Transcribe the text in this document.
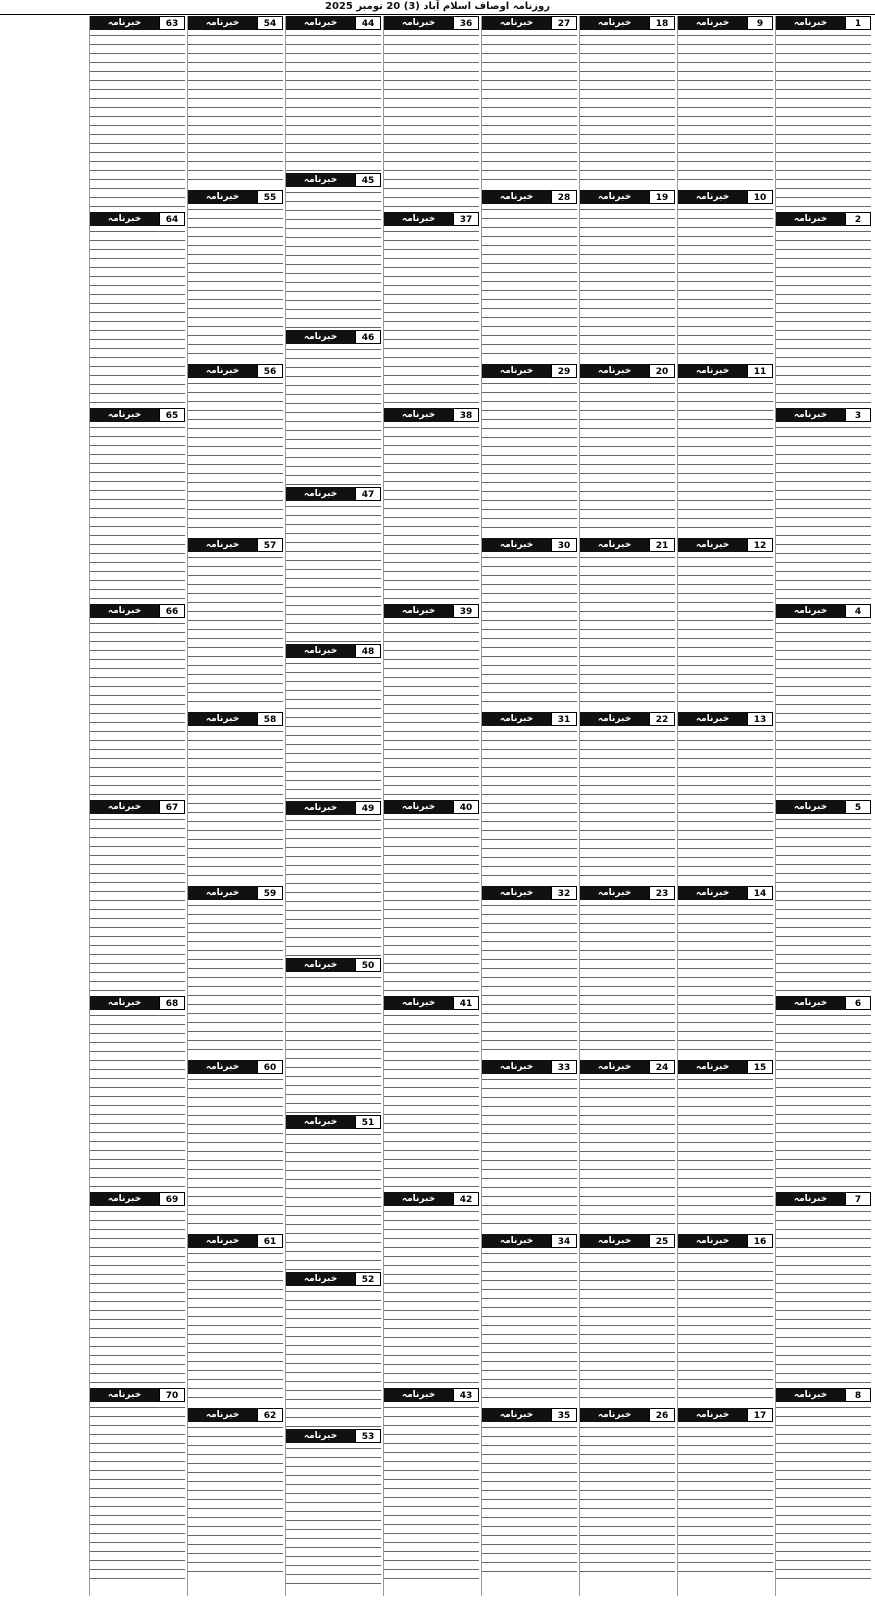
روزنامہ اوصاف اسلام آباد (3) 20 نومبر 2025
1
خبرنامہ
2
خبرنامہ
3
خبرنامہ
4
خبرنامہ
5
خبرنامہ
6
خبرنامہ
7
خبرنامہ
8
خبرنامہ
9
خبرنامہ
10
خبرنامہ
11
خبرنامہ
12
خبرنامہ
13
خبرنامہ
14
خبرنامہ
15
خبرنامہ
16
خبرنامہ
17
خبرنامہ
18
خبرنامہ
19
خبرنامہ
20
خبرنامہ
21
خبرنامہ
22
خبرنامہ
23
خبرنامہ
24
خبرنامہ
25
خبرنامہ
26
خبرنامہ
27
خبرنامہ
28
خبرنامہ
29
خبرنامہ
30
خبرنامہ
31
خبرنامہ
32
خبرنامہ
33
خبرنامہ
34
خبرنامہ
35
خبرنامہ
36
خبرنامہ
37
خبرنامہ
38
خبرنامہ
39
خبرنامہ
40
خبرنامہ
41
خبرنامہ
42
خبرنامہ
43
خبرنامہ
44
خبرنامہ
45
خبرنامہ
46
خبرنامہ
47
خبرنامہ
48
خبرنامہ
49
خبرنامہ
50
خبرنامہ
51
خبرنامہ
52
خبرنامہ
53
خبرنامہ
54
خبرنامہ
55
خبرنامہ
56
خبرنامہ
57
خبرنامہ
58
خبرنامہ
59
خبرنامہ
60
خبرنامہ
61
خبرنامہ
62
خبرنامہ
63
خبرنامہ
64
خبرنامہ
65
خبرنامہ
66
خبرنامہ
67
خبرنامہ
68
خبرنامہ
69
خبرنامہ
70
خبرنامہ
